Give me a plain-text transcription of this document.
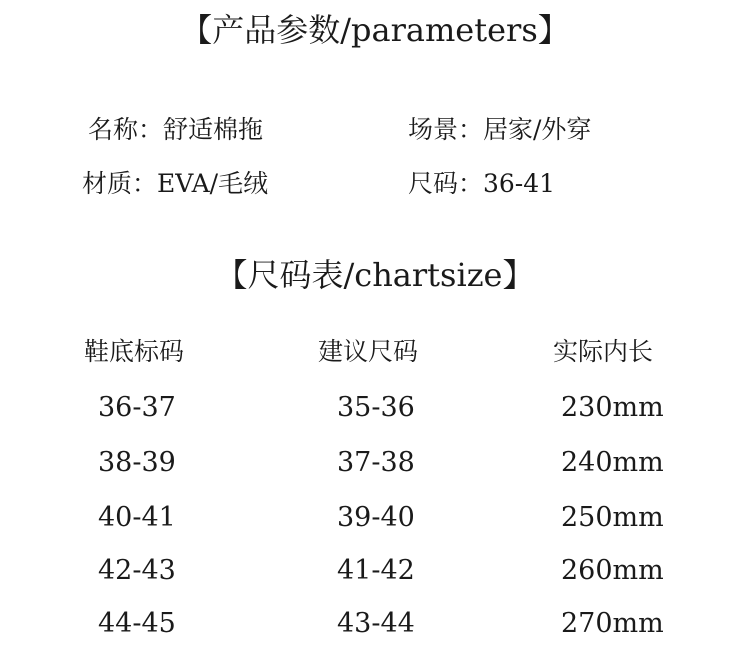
【产品参数/parameters】
名称：舒适棉拖	场景：居家/外穿
材质：EVA/毛绒	尺码：36-41
【尺码表/chartsize】
鞋底标码	建议尺码	实际内长
36-37	35-36	230mm
38-39	37-38	240mm
40-41	39-40	250mm
42-43	41-42	260mm
44-45	43-44	270mm
